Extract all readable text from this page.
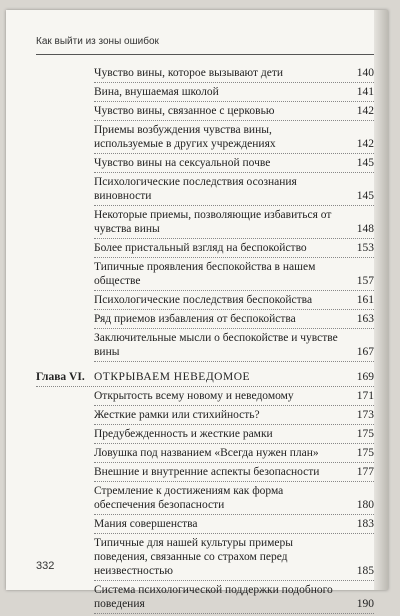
Как выйти из зоны ошибок
Чувство вины, которое вызывают дети	140
Вина, внушаемая школой	141
Чувство вины, связанное с церковью	142
Приемы возбуждения чувства вины, используемые в других учреждениях	142
Чувство вины на сексуальной почве	145
Психологические последствия осознания виновности	145
Некоторые приемы, позволяющие избавиться от чувства вины	148
Более пристальный взгляд на беспокойство	153
Типичные проявления беспокойства в нашем обществе	157
Психологические последствия беспокойства	161
Ряд приемов избавления от беспокойства	163
Заключительные мысли о беспокойстве и чувстве вины	167
Глава VI. ОТКРЫВАЕМ НЕВЕДОМОЕ	169
Открытость всему новому и неведомому	171
Жесткие рамки или стихийность?	173
Предубежденность и жесткие рамки	175
Ловушка под названием «Всегда нужен план»	175
Внешние и внутренние аспекты безопасности	177
Стремление к достижениям как форма обеспечения безопасности	180
Мания совершенства	183
Типичные для нашей культуры примеры поведения, связанные со страхом перед неизвестностью	185
Система психологической поддержки подобного поведения	190
332
